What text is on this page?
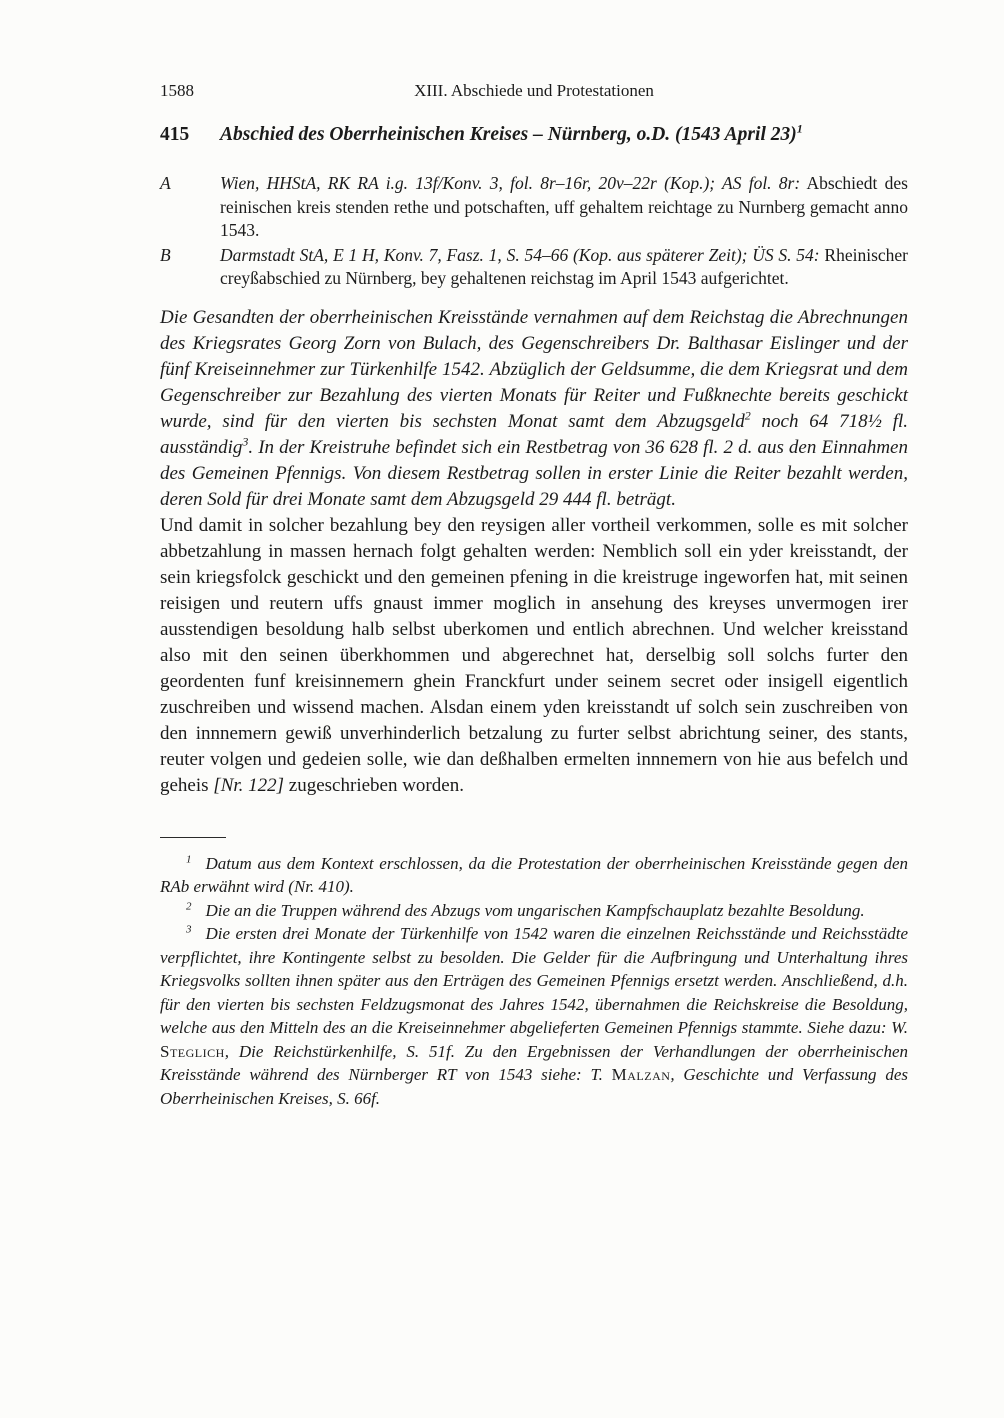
1588	XIII. Abschiede und Protestationen
415	Abschied des Oberrheinischen Kreises – Nürnberg, o.D. (1543 April 23)$^1$
A	Wien, HHStA, RK RA i.g. 13f/Konv. 3, fol. 8r–16r, 20v–22r (Kop.); AS fol. 8r: Abschiedt des reinischen kreis stenden rethe und potschaften, uff gehaltem reichtage zu Nurnberg gemacht anno 1543.

B	Darmstadt StA, E 1 H, Konv. 7, Fasz. 1, S. 54–66 (Kop. aus späterer Zeit); ÜS S. 54: Rheinischer creyßabschied zu Nürnberg, bey gehaltenen reichstag im April 1543 aufgerichtet.

Die Gesandten der oberrheinischen Kreisstände vernahmen auf dem Reichstag die Abrechnungen des Kriegsrates Georg Zorn von Bulach, des Gegenschreibers Dr. Balthasar Eislinger und der fünf Kreiseinnehmer zur Türkenhilfe 1542. Abzüglich der Geldsumme, die dem Kriegsrat und dem Gegenschreiber zur Bezahlung des vierten Monats für Reiter und Fußknechte bereits geschickt wurde, sind für den vierten bis sechsten Monat samt dem Abzugsgeld$^2$ noch 64 718½ fl. ausständig$^3$. In der Kreistruhe befindet sich ein Restbetrag von 36 628 fl. 2 d. aus den Einnahmen des Gemeinen Pfennigs. Von diesem Restbetrag sollen in erster Linie die Reiter bezahlt werden, deren Sold für drei Monate samt dem Abzugsgeld 29 444 fl. beträgt.

Und damit in solcher bezahlung bey den reysigen aller vortheil verkommen, solle es mit solcher abbetzahlung in massen hernach folgt gehalten werden: Nemblich soll ein yder kreisstandt, der sein kriegsfolck geschickt und den gemeinen pfening in die kreistruge ingeworfen hat, mit seinen reisigen und reutern uffs gnaust immer moglich in ansehung des kreyses unvermogen irer ausstendigen besoldung halb selbst uberkomen und entlich abrechnen. Und welcher kreisstand also mit den seinen überkhommen und abgerechnet hat, derselbig soll solchs furter den geordenten funf kreisinnemern ghein Franckfurt under seinem secret oder insigell eigentlich zuschreiben und wissend machen. Alsdan einem yden kreisstandt uf solch sein zuschreiben von den innnemern gewiß unverhinderlich betzalung zu furter selbst abrichtung seiner, des stants, reuter volgen und gedeien solle, wie dan deßhalben ermelten innnemern von hie aus befelch und geheis [Nr. 122] zugeschrieben worden.

$^1$ Datum aus dem Kontext erschlossen, da die Protestation der oberrheinischen Kreisstände gegen den RAb erwähnt wird (Nr. 410).

$^2$ Die an die Truppen während des Abzugs vom ungarischen Kampfschauplatz bezahlte Besoldung.

$^3$ Die ersten drei Monate der Türkenhilfe von 1542 waren die einzelnen Reichsstände und Reichsstädte verpflichtet, ihre Kontingente selbst zu besolden. Die Gelder für die Aufbringung und Unterhaltung ihres Kriegsvolks sollten ihnen später aus den Erträgen des Gemeinen Pfennigs ersetzt werden. Anschließend, d.h. für den vierten bis sechsten Feldzugsmonat des Jahres 1542, übernahmen die Reichskreise die Besoldung, welche aus den Mitteln des an die Kreiseinnehmer abgelieferten Gemeinen Pfennigs stammte. Siehe dazu: W. Steglich, Die Reichstürkenhilfe, S. 51f. Zu den Ergebnissen der Verhandlungen der oberrheinischen Kreisstände während des Nürnberger RT von 1543 siehe: T. Malzan, Geschichte und Verfassung des Oberrheinischen Kreises, S. 66f.
